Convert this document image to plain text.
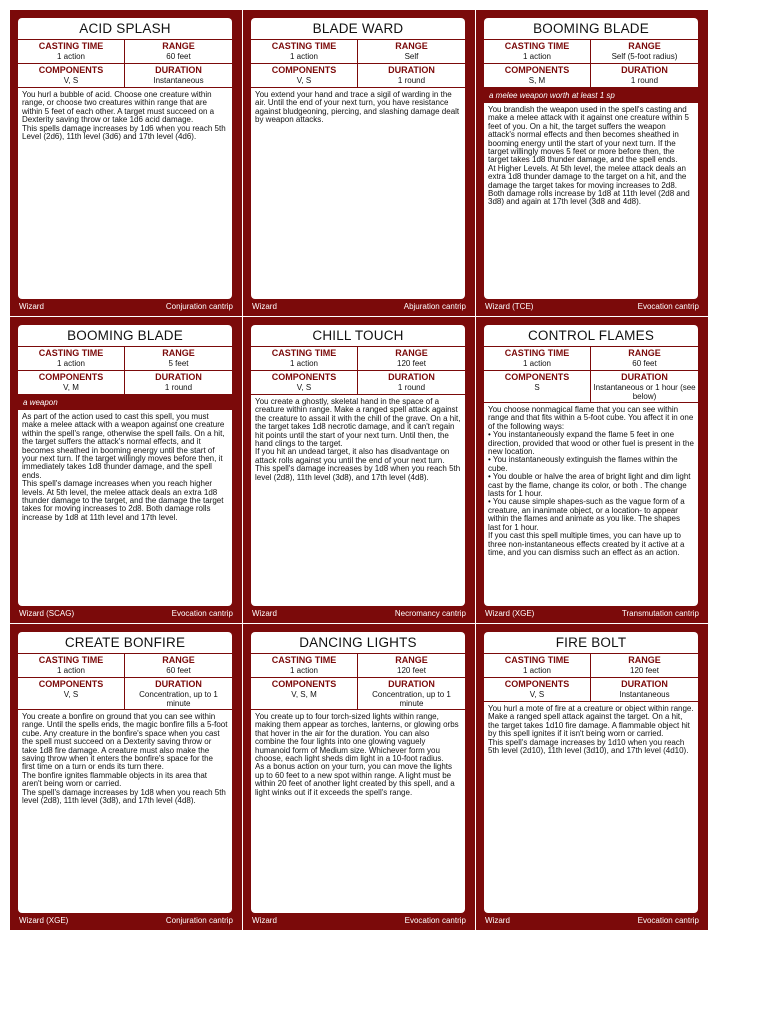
ACID SPLASH
CASTING TIME
1 action
RANGE
60 feet
COMPONENTS
V, S
DURATION
Instantaneous

You hurl a bubble of acid. Choose one creature within range, or choose two creatures within range that are within 5 feet of each other. A target must succeed on a Dexterity saving throw or take 1d6 acid damage.

This spells damage increases by 1d6 when you reach 5th Level (2d6), 11th level (3d6) and 17th level (4d6).

Wizard	Conjuration cantrip
BLADE WARD
CASTING TIME
1 action
RANGE
Self
COMPONENTS
V, S
DURATION
1 round

You extend your hand and trace a sigil of warding in the air. Until the end of your next turn, you have resistance against bludgeoning, piercing, and slashing damage dealt by weapon attacks.

Wizard	Abjuration cantrip
BOOMING BLADE
CASTING TIME
1 action
RANGE
Self (5-foot radius)
COMPONENTS
S, M
DURATION
1 round
a melee weapon worth at least 1 sp

You brandish the weapon used in the spell's casting and make a melee attack with it against one creature within 5 feet of you. On a hit, the target suffers the weapon attack's normal effects and then becomes sheathed in booming energy until the start of your next turn. If the target willingly moves 5 feet or more before then, the target takes 1d8 thunder damage, and the spell ends.

At Higher Levels. At 5th level, the melee attack deals an extra 1d8 thunder damage to the target on a hit, and the damage the target takes for moving increases to 2d8. Both damage rolls increase by 1d8 at 11th level (2d8 and 3d8) and again at 17th level (3d8 and 4d8).

Wizard (TCE)	Evocation cantrip
BOOMING BLADE
CASTING TIME
1 action
RANGE
5 feet
COMPONENTS
V, M
DURATION
1 round
a weapon

As part of the action used to cast this spell, you must make a melee attack with a weapon against one creature within the spell's range, otherwise the spell fails. On a hit, the target suffers the attack's normal effects, and it becomes sheathed in booming energy until the start of your next turn. If the target willingly moves before then, it immediately takes 1d8 thunder damage, and the spell ends.

This spell's damage increases when you reach higher levels. At 5th level, the melee attack deals an extra 1d8 thunder damage to the target, and the damage the target takes for moving increases to 2d8. Both damage rolls increase by 1d8 at 11th level and 17th level.

Wizard (SCAG)	Evocation cantrip
CHILL TOUCH
CASTING TIME
1 action
RANGE
120 feet
COMPONENTS
V, S
DURATION
1 round

You create a ghostly, skeletal hand in the space of a creature within range. Make a ranged spell attack against the creature to assail it with the chill of the grave. On a hit, the target takes 1d8 necrotic damage, and it can't regain hit points until the start of your next turn. Until then, the hand clings to the target.

If you hit an undead target, it also has disadvantage on attack rolls against you until the end of your next turn.

This spell's damage increases by 1d8 when you reach 5th level (2d8), 11th level (3d8), and 17th level (4d8).

Wizard	Necromancy cantrip
CONTROL FLAMES
CASTING TIME
1 action
RANGE
60 feet
COMPONENTS
S
DURATION
Instantaneous or 1 hour (see below)

You choose nonmagical flame that you can see within range and that fits within a 5-foot cube. You affect it in one of the following ways:

• You instantaneously expand the flame 5 feet in one direction, provided that wood or other fuel is present in the new location.

• You instantaneously extinguish the flames within the cube.

• You double or halve the area of bright light and dim light cast by the flame, change its color, or both . The change lasts for 1 hour.

• You cause simple shapes-such as the vague form of a creature, an inanimate object, or a location- to appear within the flames and animate as you like. The shapes last for 1 hour.

If you cast this spell multiple times, you can have up to three non-instantaneous effects created by it active at a time, and you can dismiss such an effect as an action.

Wizard (XGE)	Transmutation cantrip
CREATE BONFIRE
CASTING TIME
1 action
RANGE
60 feet
COMPONENTS
V, S
DURATION
Concentration, up to 1 minute

You create a bonfire on ground that you can see within range. Until the spells ends, the magic bonfire fills a 5-foot cube. Any creature in the bonfire's space when you cast the spell must succeed on a Dexterity saving throw or take 1d8 fire damage. A creature must also make the saving throw when it enters the bonfire's space for the first time on a turn or ends its turn there.

The bonfire ignites flammable objects in its area that aren't being worn or carried.

The spell's damage increases by 1d8 when you reach 5th level (2d8), 11th level (3d8), and 17th level (4d8).

Wizard (XGE)	Conjuration cantrip
DANCING LIGHTS
CASTING TIME
1 action
RANGE
120 feet
COMPONENTS
V, S, M
DURATION
Concentration, up to 1 minute

You create up to four torch-sized lights within range, making them appear as torches, lanterns, or glowing orbs that hover in the air for the duration. You can also combine the four lights into one glowing vaguely humanoid form of Medium size. Whichever form you choose, each light sheds dim light in a 10-foot radius.

As a bonus action on your turn, you can move the lights up to 60 feet to a new spot within range. A light must be within 20 feet of another light created by this spell, and a light winks out if it exceeds the spell's range.

Wizard	Evocation cantrip
FIRE BOLT
CASTING TIME
1 action
RANGE
120 feet
COMPONENTS
V, S
DURATION
Instantaneous

You hurl a mote of fire at a creature or object within range. Make a ranged spell attack against the target. On a hit, the target takes 1d10 fire damage. A flammable object hit by this spell ignites if it isn't being worn or carried.

This spell's damage increases by 1d10 when you reach 5th level (2d10), 11th level (3d10), and 17th level (4d10).

Wizard	Evocation cantrip
